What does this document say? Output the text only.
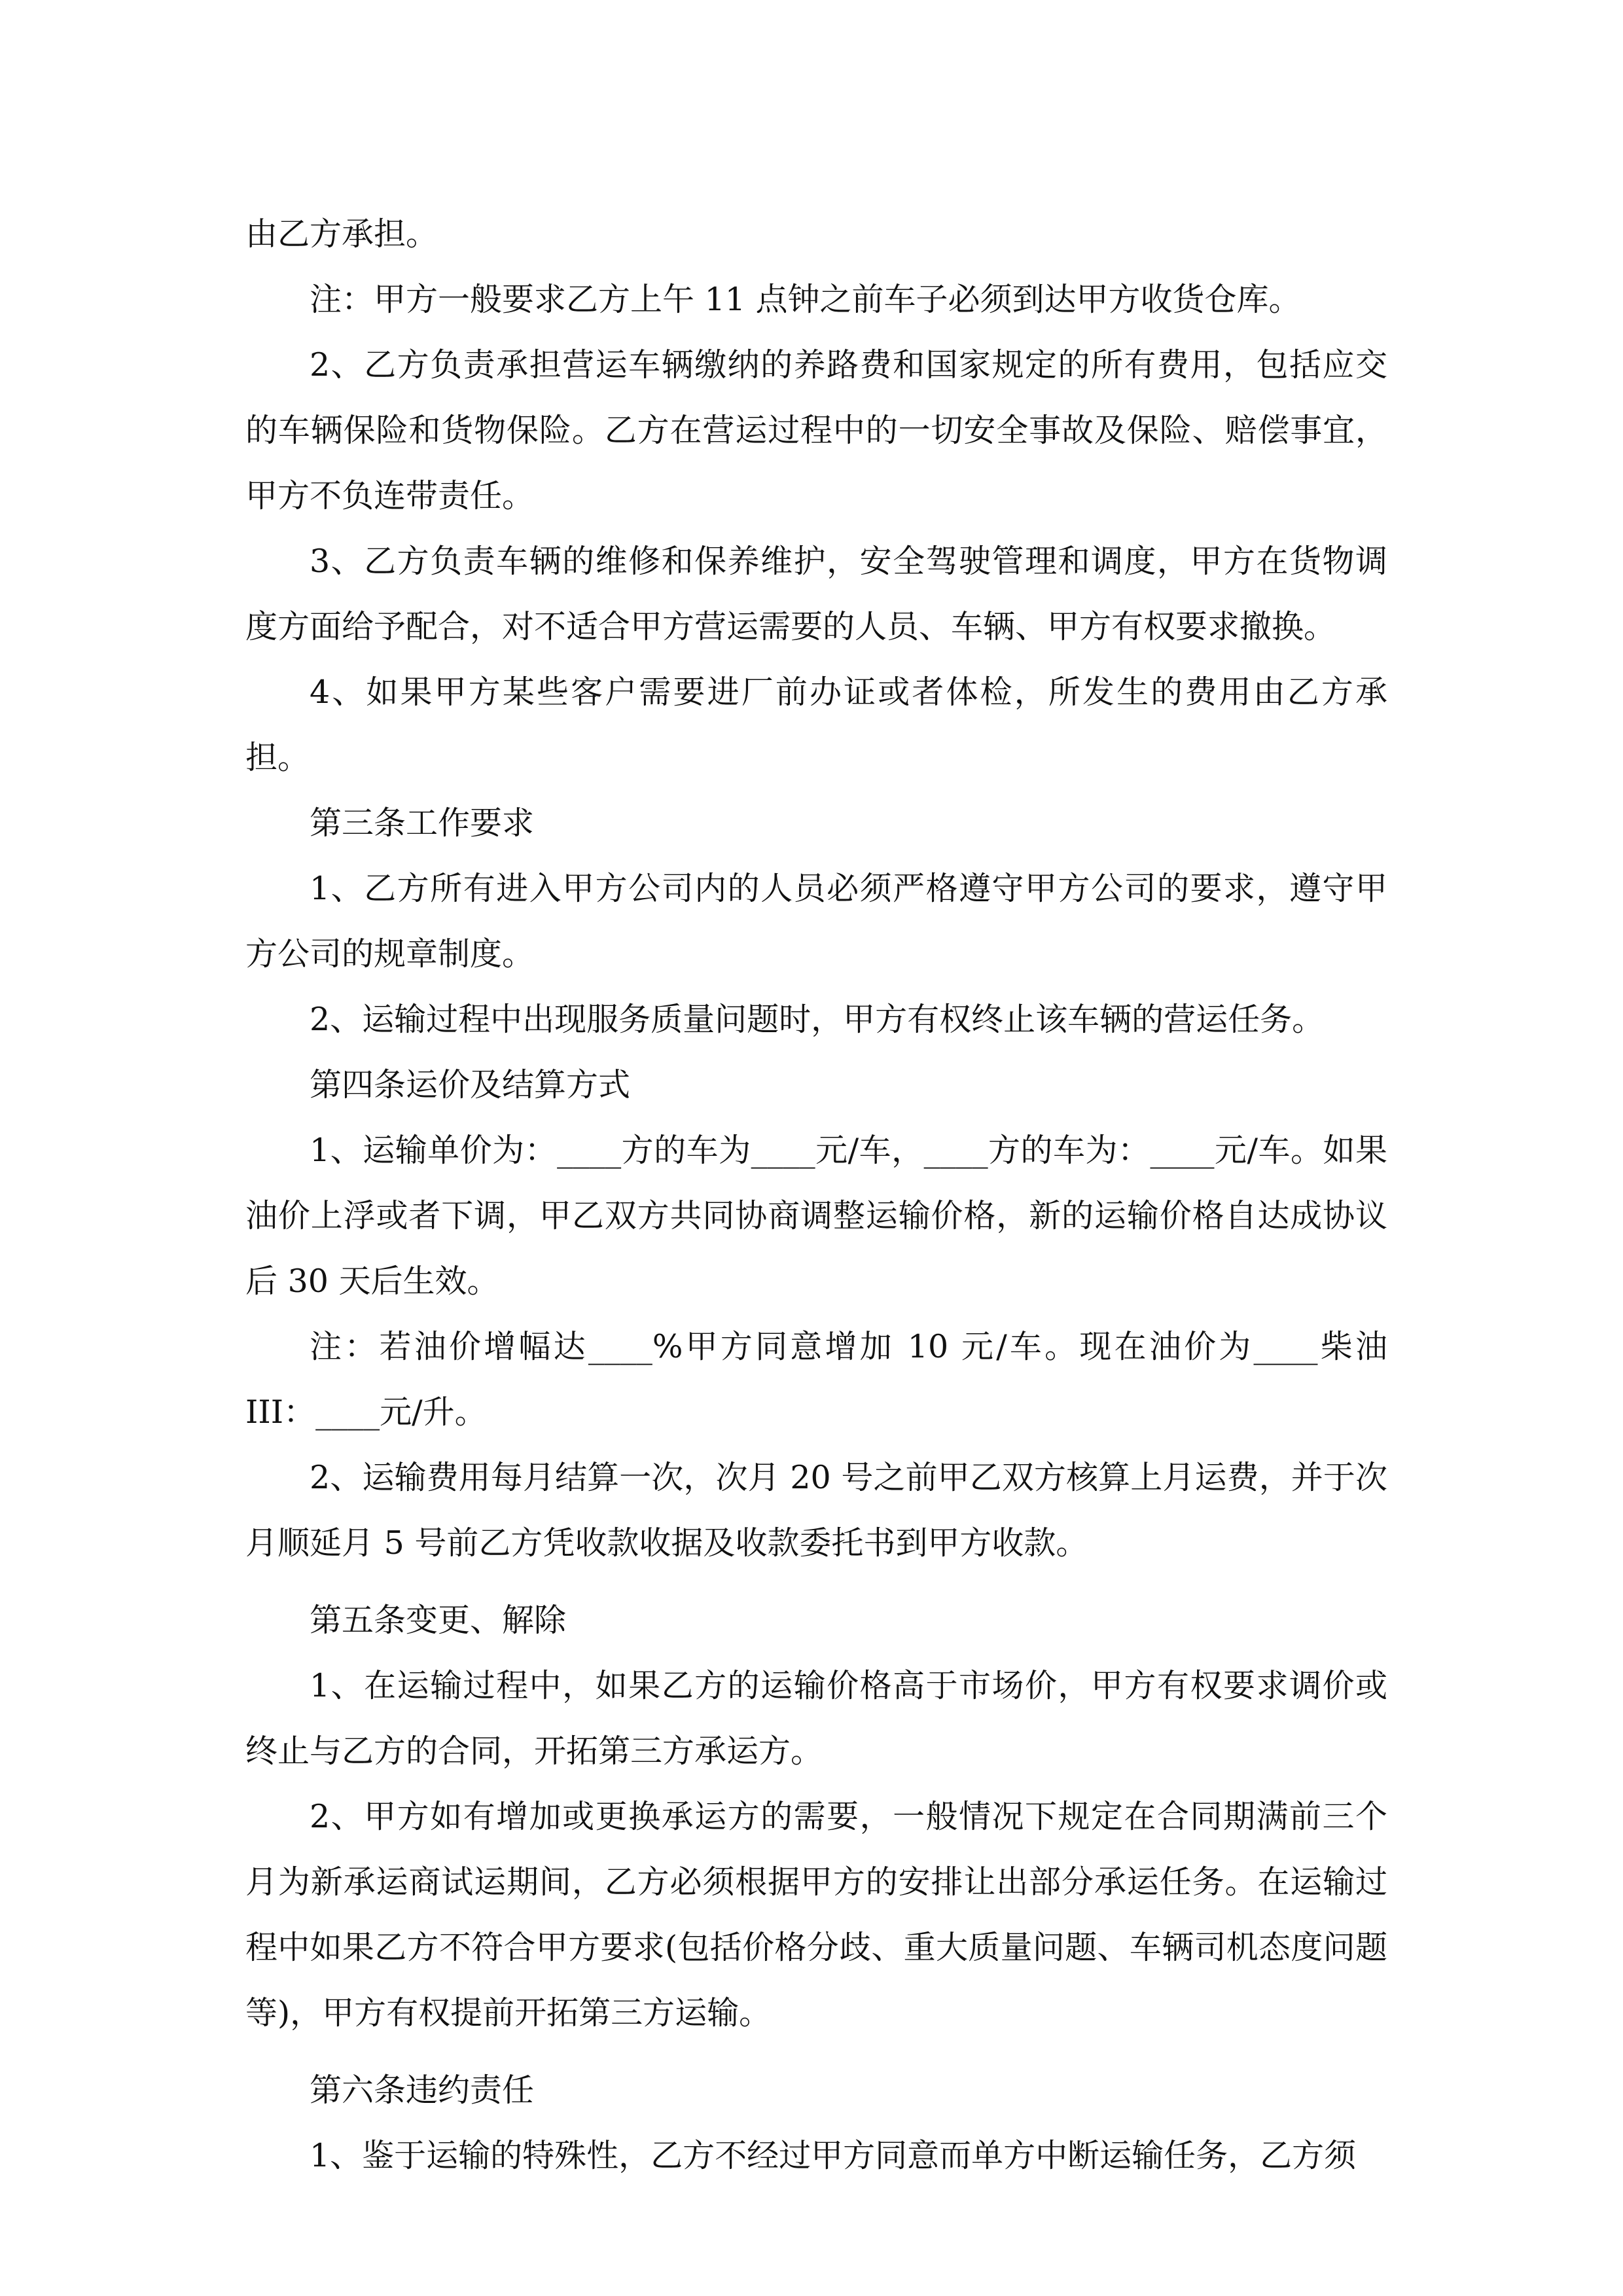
由乙方承担。

注：甲方一般要求乙方上午 11 点钟之前车子必须到达甲方收货仓库。

2、乙方负责承担营运车辆缴纳的养路费和国家规定的所有费用，包括应交的车辆保险和货物保险。乙方在营运过程中的一切安全事故及保险、赔偿事宜，甲方不负连带责任。

3、乙方负责车辆的维修和保养维护，安全驾驶管理和调度，甲方在货物调度方面给予配合，对不适合甲方营运需要的人员、车辆、甲方有权要求撤换。

4、如果甲方某些客户需要进厂前办证或者体检，所发生的费用由乙方承担。

第三条工作要求

1、乙方所有进入甲方公司内的人员必须严格遵守甲方公司的要求，遵守甲方公司的规章制度。

2、运输过程中出现服务质量问题时，甲方有权终止该车辆的营运任务。

第四条运价及结算方式

1、运输单价为：____方的车为____元/车，____方的车为：____元/车。如果油价上浮或者下调，甲乙双方共同协商调整运输价格，新的运输价格自达成协议后 30 天后生效。

注：若油价增幅达____%甲方同意增加 10 元/车。现在油价为____柴油 III：____元/升。

2、运输费用每月结算一次，次月 20 号之前甲乙双方核算上月运费，并于次月顺延月 5 号前乙方凭收款收据及收款委托书到甲方收款。

第五条变更、解除

1、在运输过程中，如果乙方的运输价格高于市场价，甲方有权要求调价或终止与乙方的合同，开拓第三方承运方。

2、甲方如有增加或更换承运方的需要，一般情况下规定在合同期满前三个月为新承运商试运期间，乙方必须根据甲方的安排让出部分承运任务。在运输过程中如果乙方不符合甲方要求(包括价格分歧、重大质量问题、车辆司机态度问题等)，甲方有权提前开拓第三方运输。

第六条违约责任

1、鉴于运输的特殊性，乙方不经过甲方同意而单方中断运输任务，乙方须
